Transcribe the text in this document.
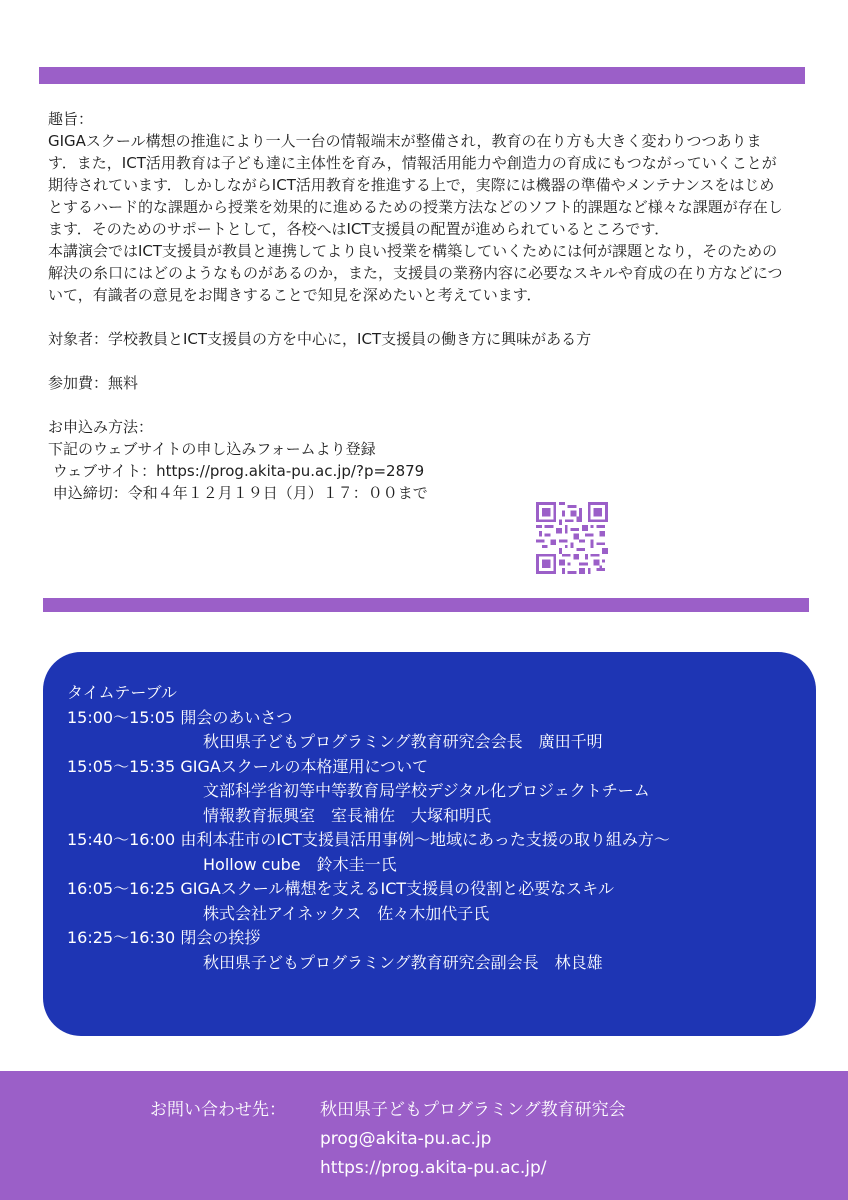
趣旨：

GIGAスクール構想の推進により一人一台の情報端末が整備され，教育の在り方も大きく変わりつつあります．また，ICT活用教育は子ども達に主体性を育み，情報活用能力や創造力の育成にもつながっていくことが期待されています．しかしながらICT活用教育を推進する上で，実際には機器の準備やメンテナンスをはじめとするハード的な課題から授業を効果的に進めるための授業方法などのソフト的課題など様々な課題が存在します．そのためのサポートとして，各校へはICT支援員の配置が進められているところです．

本講演会ではICT支援員が教員と連携してより良い授業を構築していくためには何が課題となり，そのための解決の糸口にはどのようなものがあるのか，また，支援員の業務内容に必要なスキルや育成の在り方などについて，有識者の意見をお聞きすることで知見を深めたいと考えています．

対象者：学校教員とICT支援員の方を中心に，ICT支援員の働き方に興味がある方

参加費：無料

お申込み方法：

下記のウェブサイトの申し込みフォームより登録

ウェブサイト：https://prog.akita-pu.ac.jp/?p=2879

申込締切：令和４年１２月１９日（月）１７：００まで

タイムテーブル

15:00〜15:05 開会のあいさつ

秋田県子どもプログラミング教育研究会会長　廣田千明

15:05〜15:35 GIGAスクールの本格運用について

文部科学省初等中等教育局学校デジタル化プロジェクトチーム

情報教育振興室　室長補佐　大塚和明氏

15:40〜16:00 由利本荘市のICT支援員活用事例〜地域にあった支援の取り組み方〜

Hollow cube　鈴木圭一氏

16:05〜16:25 GIGAスクール構想を支えるICT支援員の役割と必要なスキル

株式会社アイネックス　佐々木加代子氏

16:25〜16:30 閉会の挨拶

秋田県子どもプログラミング教育研究会副会長　林良雄

お問い合わせ先： 秋田県子どもプログラミング教育研究会
prog@akita-pu.ac.jp
https://prog.akita-pu.ac.jp/
